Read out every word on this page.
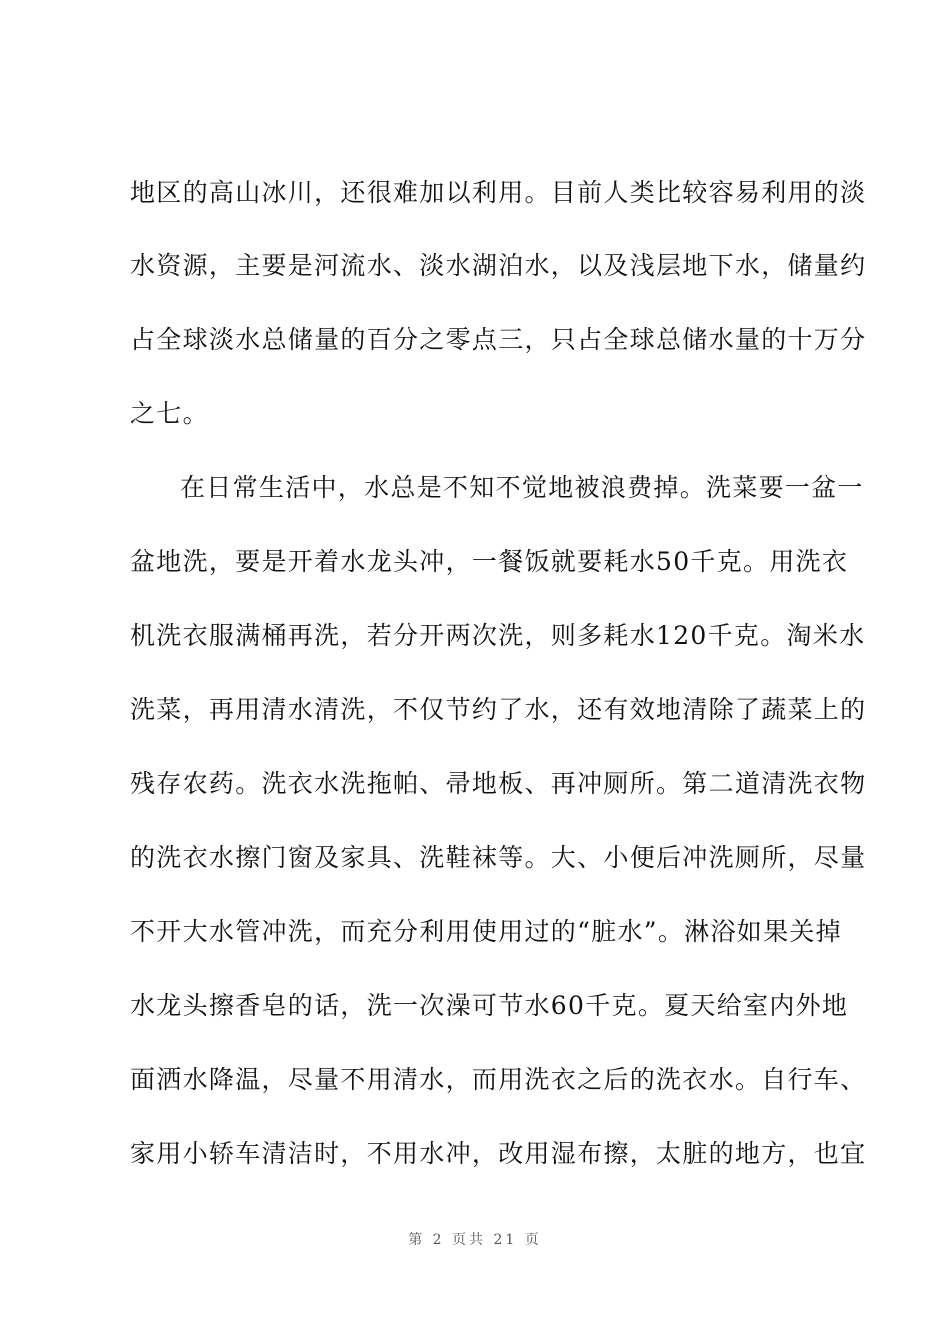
地区的高山冰川，还很难加以利用。目前人类比较容易利用的淡
水资源，主要是河流水、淡水湖泊水，以及浅层地下水，储量约
占全球淡水总储量的百分之零点三，只占全球总储水量的十万分
之七。
在日常生活中，水总是不知不觉地被浪费掉。洗菜要一盆一
盆地洗，要是开着水龙头冲，一餐饭就要耗水50千克。用洗衣
机洗衣服满桶再洗，若分开两次洗，则多耗水120千克。淘米水
洗菜，再用清水清洗，不仅节约了水，还有效地清除了蔬菜上的
残存农药。洗衣水洗拖帕、帚地板、再冲厕所。第二道清洗衣物
的洗衣水擦门窗及家具、洗鞋袜等。大、小便后冲洗厕所，尽量
不开大水管冲洗，而充分利用使用过的“脏水”。淋浴如果关掉
水龙头擦香皂的话，洗一次澡可节水60千克。夏天给室内外地
面洒水降温，尽量不用清水，而用洗衣之后的洗衣水。自行车、
家用小轿车清洁时，不用水冲，改用湿布擦，太脏的地方，也宜
第 2 页共 21 页
